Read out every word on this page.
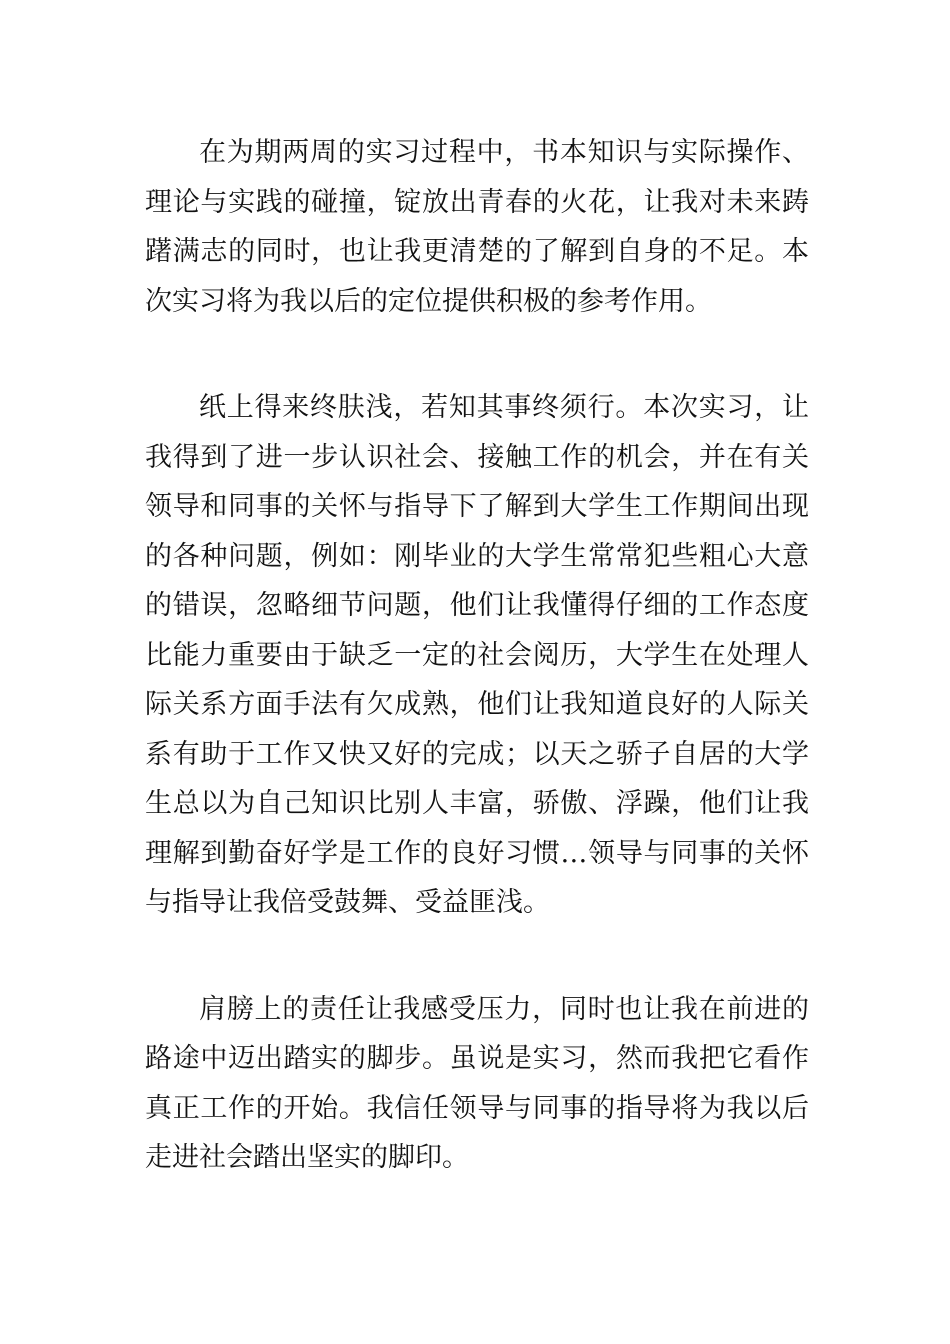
在为期两周的实习过程中，书本知识与实际操作、理论与实践的碰撞，锭放出青春的火花，让我对未来踌躇满志的同时，也让我更清楚的了解到自身的不足。本次实习将为我以后的定位提供积极的参考作用。

纸上得来终肤浅，若知其事终须行。本次实习，让我得到了进一步认识社会、接触工作的机会，并在有关领导和同事的关怀与指导下了解到大学生工作期间出现的各种问题，例如：刚毕业的大学生常常犯些粗心大意的错误，忽略细节问题，他们让我懂得仔细的工作态度比能力重要由于缺乏一定的社会阅历，大学生在处理人际关系方面手法有欠成熟，他们让我知道良好的人际关系有助于工作又快又好的完成；以天之骄子自居的大学生总以为自己知识比别人丰富，骄傲、浮躁，他们让我理解到勤奋好学是工作的良好习惯…领导与同事的关怀与指导让我倍受鼓舞、受益匪浅。

肩膀上的责任让我感受压力，同时也让我在前进的路途中迈出踏实的脚步。虽说是实习，然而我把它看作真正工作的开始。我信任领导与同事的指导将为我以后走进社会踏出坚实的脚印。
